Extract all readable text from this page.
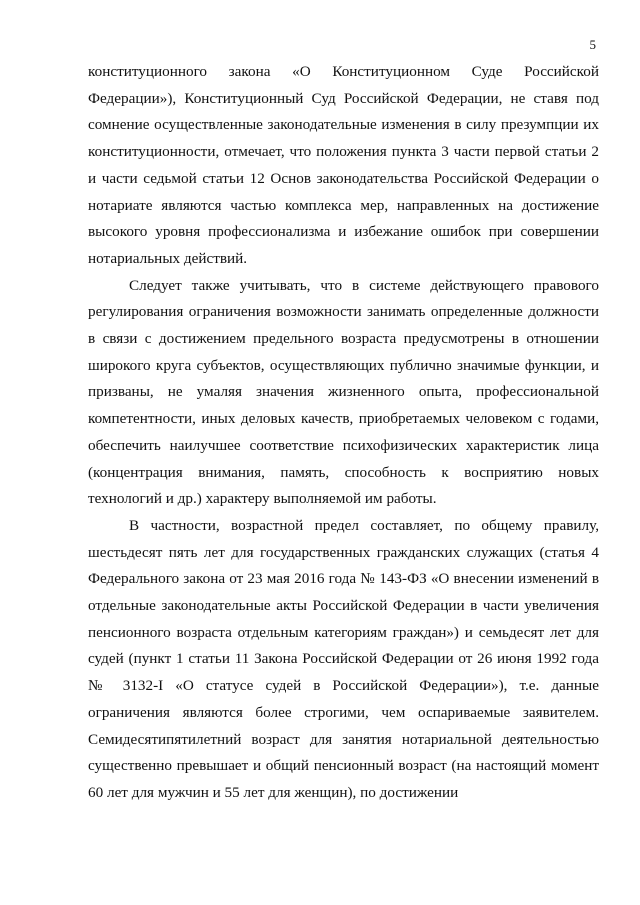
5

конституционного закона «О Конституционном Суде Российской Федерации»), Конституционный Суд Российской Федерации, не ставя под сомнение осуществленные законодательные изменения в силу презумпции их конституционности, отмечает, что положения пункта 3 части первой статьи 2 и части седьмой статьи 12 Основ законодательства Российской Федерации о нотариате являются частью комплекса мер, направленных на достижение высокого уровня профессионализма и избежание ошибок при совершении нотариальных действий.

Следует также учитывать, что в системе действующего правового регулирования ограничения возможности занимать определенные должности в связи с достижением предельного возраста предусмотрены в отношении широкого круга субъектов, осуществляющих публично значимые функции, и призваны, не умаляя значения жизненного опыта, профессиональной компетентности, иных деловых качеств, приобретаемых человеком с годами, обеспечить наилучшее соответствие психофизических характеристик лица (концентрация внимания, память, способность к восприятию новых технологий и др.) характеру выполняемой им работы.

В частности, возрастной предел составляет, по общему правилу, шестьдесят пять лет для государственных гражданских служащих (статья 4 Федерального закона от 23 мая 2016 года № 143-ФЗ «О внесении изменений в отдельные законодательные акты Российской Федерации в части увеличения пенсионного возраста отдельным категориям граждан») и семьдесят лет для судей (пункт 1 статьи 11 Закона Российской Федерации от 26 июня 1992 года № 3132-I «О статусе судей в Российской Федерации»), т.е. данные ограничения являются более строгими, чем оспариваемые заявителем. Семидесятипятилетний возраст для занятия нотариальной деятельностью существенно превышает и общий пенсионный возраст (на настоящий момент 60 лет для мужчин и 55 лет для женщин), по достижении
